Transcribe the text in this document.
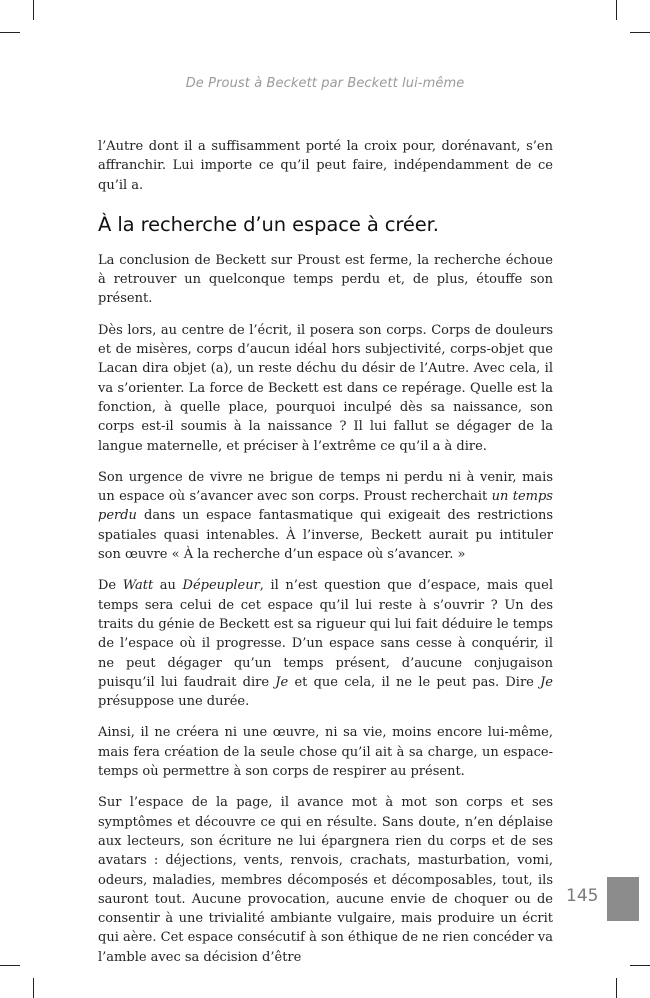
De Proust à Beckett par Beckett lui-même

l’Autre dont il a suffisamment porté la croix pour, dorénavant, s’en affranchir. Lui importe ce qu’il peut faire, indépendamment de ce qu’il a.

À la recherche d’un espace à créer.

La conclusion de Beckett sur Proust est ferme, la recherche échoue à retrouver un quelconque temps perdu et, de plus, étouffe son présent.

Dès lors, au centre de l’écrit, il posera son corps. Corps de douleurs et de misères, corps d’aucun idéal hors subjectivité, corps-objet que Lacan dira objet (a), un reste déchu du désir de l’Autre. Avec cela, il va s’orienter. La force de Beckett est dans ce repérage. Quelle est la fonction, à quelle place, pourquoi inculpé dès sa naissance, son corps est-il soumis à la naissance ? Il lui fallut se dégager de la langue maternelle, et préciser à l’extrême ce qu’il a à dire.

Son urgence de vivre ne brigue de temps ni perdu ni à venir, mais un espace où s’avancer avec son corps. Proust recherchait un temps perdu dans un espace fantasmatique qui exigeait des restrictions spatiales quasi intenables. À l’inverse, Beckett aurait pu intituler son œuvre « À la recherche d’un espace où s’avancer. »

De Watt au Dépeupleur, il n’est question que d’espace, mais quel temps sera celui de cet espace qu’il lui reste à s’ouvrir ? Un des traits du génie de Beckett est sa rigueur qui lui fait déduire le temps de l’espace où il progresse. D’un espace sans cesse à conquérir, il ne peut dégager qu’un temps présent, d’aucune conjugaison puisqu’il lui faudrait dire Je et que cela, il ne le peut pas. Dire Je présuppose une durée.

Ainsi, il ne créera ni une œuvre, ni sa vie, moins encore lui-même, mais fera création de la seule chose qu’il ait à sa charge, un espace-temps où permettre à son corps de respirer au présent.

Sur l’espace de la page, il avance mot à mot son corps et ses symptômes et découvre ce qui en résulte. Sans doute, n’en déplaise aux lecteurs, son écriture ne lui épargnera rien du corps et de ses avatars : déjections, vents, renvois, crachats, masturbation, vomi, odeurs, maladies, membres décomposés et décomposables, tout, ils sauront tout. Aucune provocation, aucune envie de choquer ou de consentir à une trivialité ambiante vulgaire, mais produire un écrit qui aère. Cet espace consécutif à son éthique de ne rien concéder va l’amble avec sa décision d’être

145
